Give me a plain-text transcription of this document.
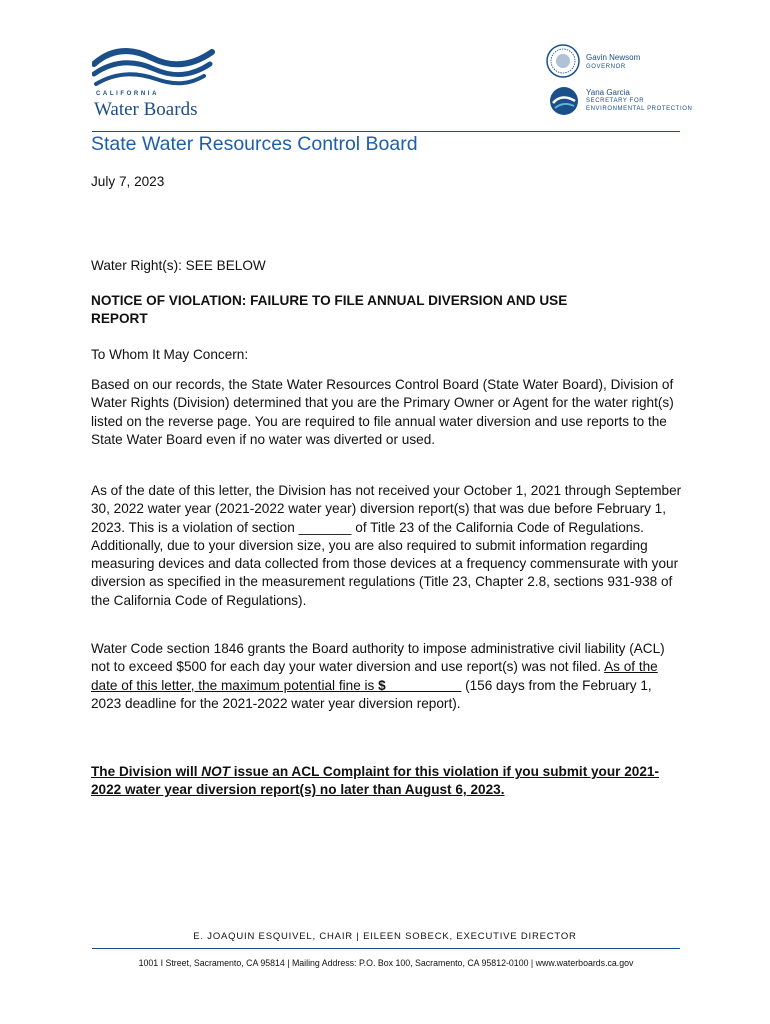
CALIFORNIA
Water Boards
Gavin Newsom
GOVERNOR
Yana Garcia
SECRETARY FOR
ENVIRONMENTAL PROTECTION
State Water Resources Control Board
July 7, 2023
Water Right(s): SEE BELOW
NOTICE OF VIOLATION: FAILURE TO FILE ANNUAL DIVERSION AND USE
REPORT
To Whom It May Concern:
Based on our records, the State Water Resources Control Board (State Water Board), Division of Water Rights (Division) determined that you are the Primary Owner or Agent for the water right(s) listed on the reverse page. You are required to file annual water diversion and use reports to the State Water Board even if no water was diverted or used.
As of the date of this letter, the Division has not received your October 1, 2021 through September 30, 2022 water year (2021-2022 water year) diversion report(s) that was due before February 1, 2023. This is a violation of section _______ of Title 23 of the California Code of Regulations. Additionally, due to your diversion size, you are also required to submit information regarding measuring devices and data collected from those devices at a frequency commensurate with your diversion as specified in the measurement regulations (Title 23, Chapter 2.8, sections 931-938 of the California Code of Regulations).
Water Code section 1846 grants the Board authority to impose administrative civil liability (ACL) not to exceed $500 for each day your water diversion and use report(s) was not filed. As of the date of this letter, the maximum potential fine is $__________ (156 days from the February 1, 2023 deadline for the 2021-2022 water year diversion report).
The Division will NOT issue an ACL Complaint for this violation if you submit your 2021-2022 water year diversion report(s) no later than August 6, 2023.
E. JOAQUIN ESQUIVEL, CHAIR | EILEEN SOBECK, EXECUTIVE DIRECTOR
1001 I Street, Sacramento, CA 95814 | Mailing Address: P.O. Box 100, Sacramento, CA 95812-0100 | www.waterboards.ca.gov
